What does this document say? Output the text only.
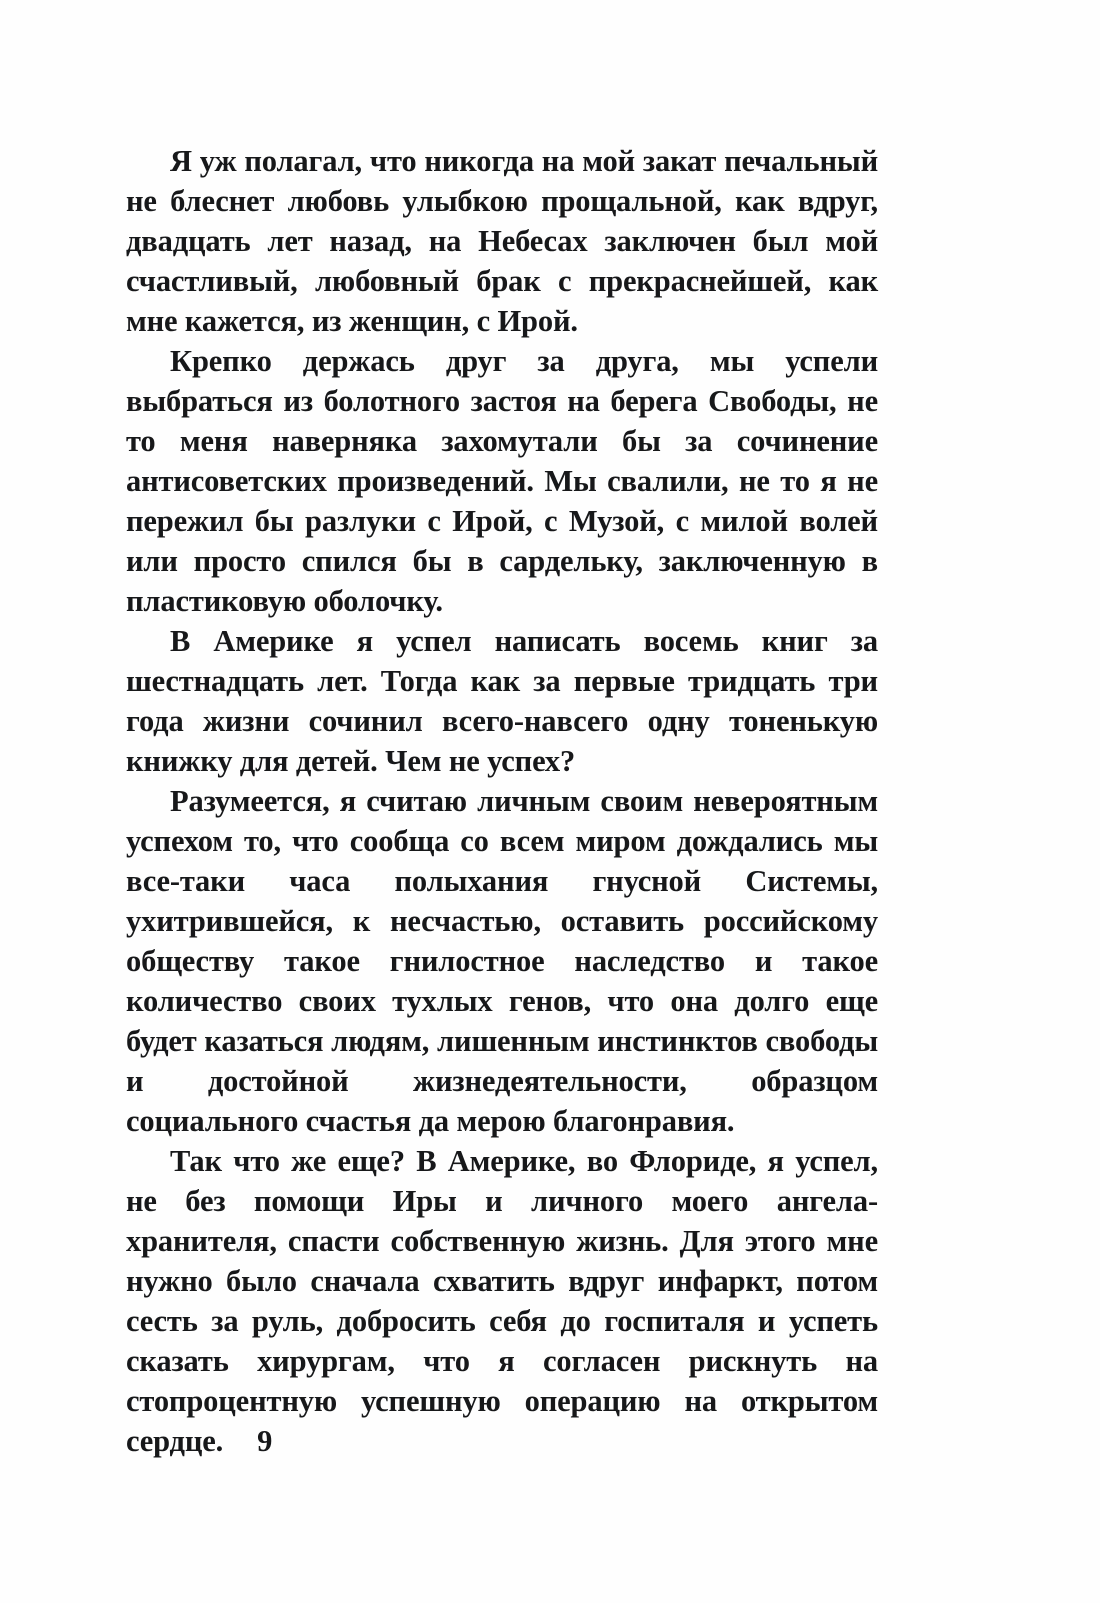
Я уж полагал, что никогда на мой закат печальный не блеснет любовь улыбкою прощальной, как вдруг, двадцать лет назад, на Небесах заключен был мой счастливый, любовный брак с прекраснейшей, как мне кажется, из женщин, с Ирой.

Крепко держась друг за друга, мы успели выбраться из болотного застоя на берега Свободы, не то меня наверняка захомутали бы за сочинение антисоветских произведений. Мы свалили, не то я не пережил бы разлуки с Ирой, с Музой, с милой волей или просто спился бы в сардельку, заключенную в пластиковую оболочку.

В Америке я успел написать восемь книг за шестнадцать лет. Тогда как за первые тридцать три года жизни сочинил всего-навсего одну тоненькую книжку для детей. Чем не успех?

Разумеется, я считаю личным своим невероятным успехом то, что сообща со всем миром дождались мы все-таки часа полыхания гнусной Системы, ухитрившейся, к несчастью, оставить российскому обществу такое гнилостное наследство и такое количество своих тухлых генов, что она долго еще будет казаться людям, лишенным инстинктов свободы и достойной жизнедеятельности, образцом социального счастья да мерою благонравия.

Так что же еще? В Америке, во Флориде, я успел, не без помощи Иры и личного моего ангела-хранителя, спасти собственную жизнь. Для этого мне нужно было сначала схватить вдруг инфаркт, потом сесть за руль, добросить себя до госпиталя и успеть сказать хирургам, что я согласен рискнуть на стопроцентную успешную операцию на открытом сердце. 9
